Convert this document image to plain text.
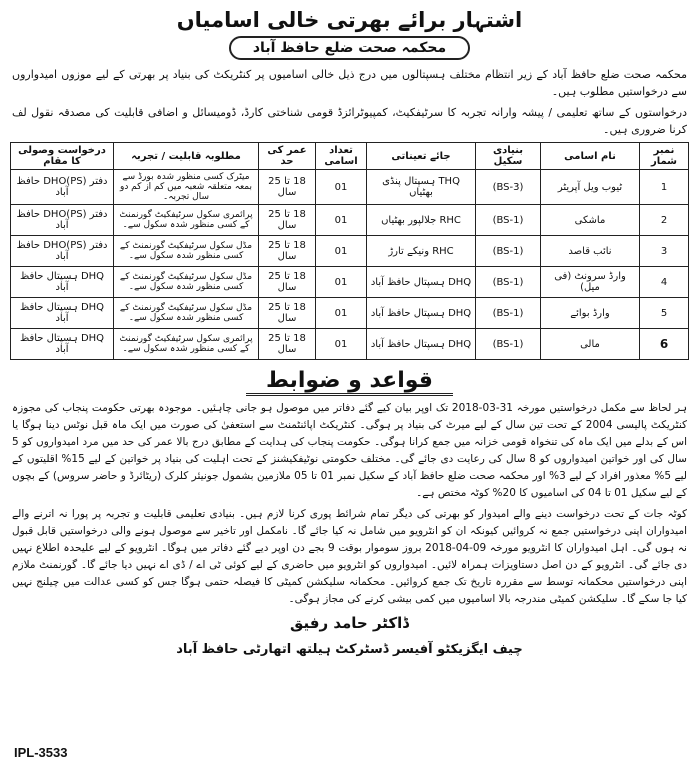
اشتہار برائے بھرتی خالی اسامیاں
محکمہ صحت ضلع حافظ آباد

محکمہ صحت ضلع حافظ آباد کے زیر انتظام مختلف ہسپتالوں میں درج ذیل خالی اسامیوں پر کنٹریکٹ کی بنیاد پر بھرتی کے لیے موزوں امیدواروں سے درخواستیں مطلوب ہیں۔

درخواستوں کے ساتھ تعلیمی / پیشہ وارانہ تجربہ کا سرٹیفکیٹ، کمپیوٹرائزڈ قومی شناختی کارڈ، ڈومیسائل و اضافی قابلیت کی مصدقہ نقول لف کرنا ضروری ہیں۔

نمبر شمار	نام اسامی	بنیادی سکیل	جائے تعیناتی	تعداد اسامی	عمر کی حد	مطلوبہ قابلیت / تجربہ	درخواست وصولی کا مقام
1	ٹیوب ویل آپریٹر	(BS-3)	THQ ہسپتال پنڈی بھٹیاں	01	18 تا 25 سال	میٹرک کسی منظور شدہ بورڈ سے بمعہ متعلقہ شعبہ میں کم از کم دو سال تجربہ۔	دفتر DHO(PS) حافظ آباد
2	ماشکی	(BS-1)	RHC جلالپور بھٹیاں	01	18 تا 25 سال	پرائمری سکول سرٹیفکیٹ گورنمنٹ کے کسی منظور شدہ سکول سے۔	دفتر DHO(PS) حافظ آباد
3	نائب قاصد	(BS-1)	RHC ونیکے تارڑ	01	18 تا 25 سال	مڈل سکول سرٹیفکیٹ گورنمنٹ کے کسی منظور شدہ سکول سے۔	دفتر DHO(PS) حافظ آباد
4	وارڈ سرونٹ (فی میل)	(BS-1)	DHQ ہسپتال حافظ آباد	01	18 تا 25 سال	مڈل سکول سرٹیفکیٹ گورنمنٹ کے کسی منظور شدہ سکول سے۔	DHQ ہسپتال حافظ آباد
5	وارڈ بوائے	(BS-1)	DHQ ہسپتال حافظ آباد	01	18 تا 25 سال	مڈل سکول سرٹیفکیٹ گورنمنٹ کے کسی منظور شدہ سکول سے۔	DHQ ہسپتال حافظ آباد
6	مالی	(BS-1)	DHQ ہسپتال حافظ آباد	01	18 تا 25 سال	پرائمری سکول سرٹیفکیٹ گورنمنٹ کے کسی منظور شدہ سکول سے۔	DHQ ہسپتال حافظ آباد
قواعد و ضوابط

ہر لحاظ سے مکمل درخواستیں مورخہ 31-03-2018 تک اوپر بیان کیے گئے دفاتر میں موصول ہو جانی چاہئیں۔ موجودہ بھرتی حکومت پنجاب کی مجوزہ کنٹریکٹ پالیسی 2004 کے تحت تین سال کے لیے میرٹ کی بنیاد پر ہوگی۔ کنٹریکٹ اپائنٹمنٹ سے استعفیٰ کی صورت میں ایک ماہ قبل نوٹس دینا ہوگا یا اس کے بدلے میں ایک ماہ کی تنخواہ قومی خزانہ میں جمع کرانا ہوگی۔ حکومت پنجاب کی ہدایت کے مطابق درج بالا عمر کی حد میں مرد امیدواروں کو 5 سال کی اور خواتین امیدواروں کو 8 سال کی رعایت دی جائے گی۔ مختلف حکومتی نوٹیفکیشنز کے تحت اہلیت کی بنیاد پر خواتین کے لیے 15% اقلیتوں کے لیے 5% معذور افراد کے لیے 3% اور محکمہ صحت ضلع حافظ آباد کے سکیل نمبر 01 تا 05 ملازمین بشمول جونیئر کلرک (ریٹائرڈ و حاضر سروس) کے بچوں کے لیے سکیل 01 تا 04 کی اسامیوں کا 20% کوٹہ مختص ہے۔

کوٹہ جات کے تحت درخواست دینے والے امیدوار کو بھرتی کی دیگر تمام شرائط پوری کرنا لازم ہیں۔ بنیادی تعلیمی قابلیت و تجربہ پر پورا نہ اترنے والے امیدواران اپنی درخواستیں جمع نہ کروائیں کیونکہ ان کو انٹرویو میں شامل نہ کیا جائے گا۔ نامکمل اور تاخیر سے موصول ہونے والی درخواستیں قابل قبول نہ ہوں گی۔ اہل امیدواران کا انٹرویو مورخہ 09-04-2018 بروز سوموار بوقت 9 بجے دن اوپر دیے گئے دفاتر میں ہوگا۔ انٹرویو کے لیے علیحدہ اطلاع نہیں دی جائے گی۔ انٹرویو کے دن اصل دستاویزات ہمراہ لائیں۔ امیدواروں کو انٹرویو میں حاضری کے لیے کوئی ٹی اے / ڈی اے نہیں دیا جائے گا۔ گورنمنٹ ملازم اپنی درخواستیں محکمانہ توسط سے مقررہ تاریخ تک جمع کروائیں۔ محکمانہ سلیکشن کمیٹی کا فیصلہ حتمی ہوگا جس کو کسی عدالت میں چیلنج نہیں کیا جا سکے گا۔ سلیکشن کمیٹی مندرجہ بالا اسامیوں میں کمی بیشی کرنے کی مجاز ہوگی۔

ڈاکٹر حامد رفیق
چیف ایگزیکٹو آفیسر ڈسٹرکٹ ہیلتھ اتھارٹی حافظ آباد
IPL-3533
